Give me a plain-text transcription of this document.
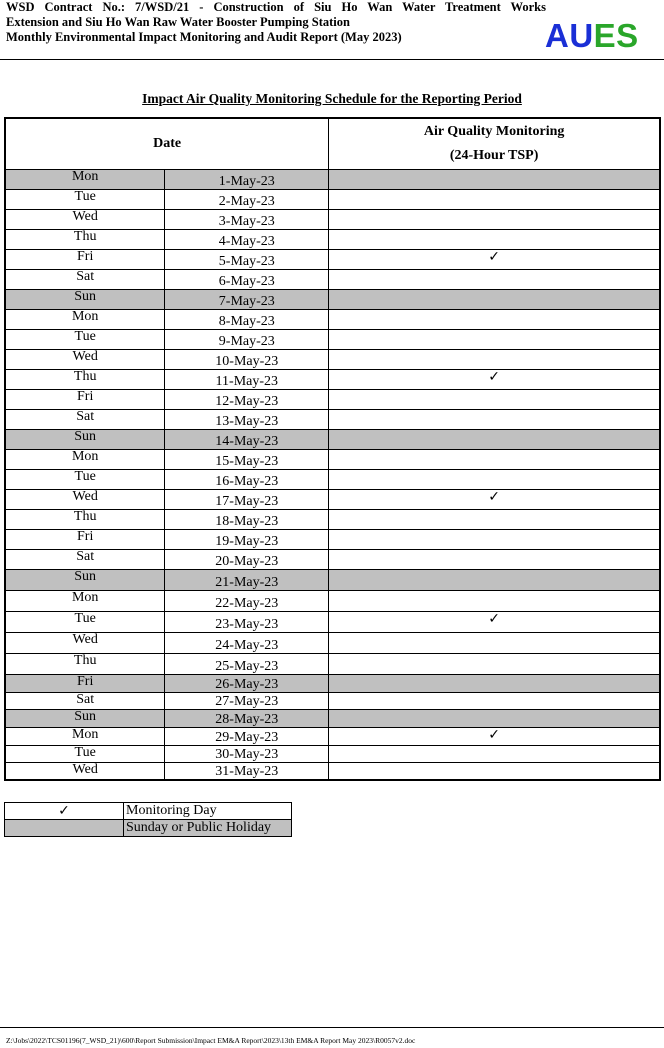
WSD Contract No.: 7/WSD/21 - Construction of Siu Ho Wan Water Treatment Works
Extension and Siu Ho Wan Raw Water Booster Pumping Station
Monthly Environmental Impact Monitoring and Audit Report (May 2023)	AUES
Impact Air Quality Monitoring Schedule for the Reporting Period
Date		Air Quality Monitoring
(24-Hour TSP)
Mon	1-May-23	
Tue	2-May-23	
Wed	3-May-23	
Thu	4-May-23	
Fri	5-May-23	✓
Sat	6-May-23	
Sun	7-May-23	
Mon	8-May-23	
Tue	9-May-23	
Wed	10-May-23	
Thu	11-May-23	✓
Fri	12-May-23	
Sat	13-May-23	
Sun	14-May-23	
Mon	15-May-23	
Tue	16-May-23	
Wed	17-May-23	✓
Thu	18-May-23	
Fri	19-May-23	
Sat	20-May-23	
Sun	21-May-23	
Mon	22-May-23	
Tue	23-May-23	✓
Wed	24-May-23	
Thu	25-May-23	
Fri	26-May-23	
Sat	27-May-23	
Sun	28-May-23	
Mon	29-May-23	✓
Tue	30-May-23	
Wed	31-May-23	
✓	Monitoring Day
	Sunday or Public Holiday
Z:\Jobs\2022\TCS01196(7_WSD_21)\600\Report Submission\Impact EM&A Report\2023\13th EM&A Report May 2023\R0057v2.doc
